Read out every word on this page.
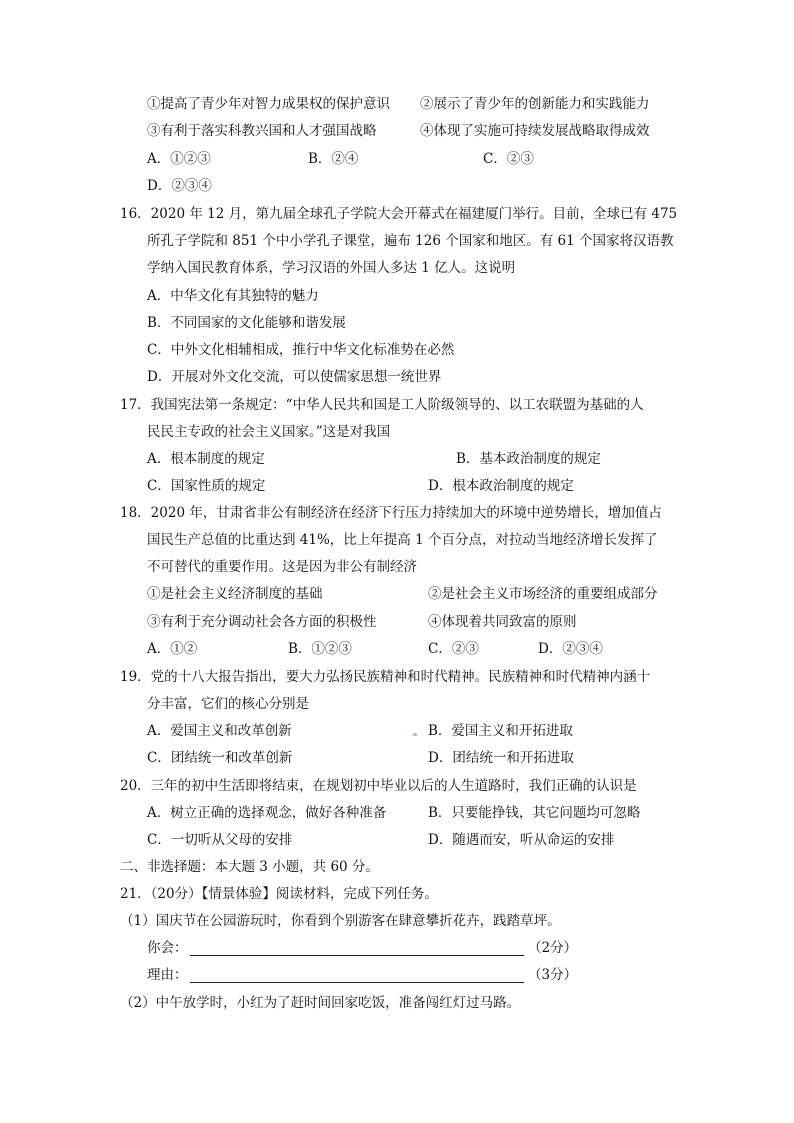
①提高了青少年对智力成果权的保护意识 ②展示了青少年的创新能力和实践能力
③有利于落实科教兴国和人才强国战略	④体现了实施可持续发展战略取得成效
A．①②③	B．②④	C．②③
D．②③④
16．2020 年 12 月，第九届全球孔子学院大会开幕式在福建厦门举行。目前，全球已有 475
所孔子学院和 851 个中小学孔子课堂，遍布 126 个国家和地区。有 61 个国家将汉语教
学纳入国民教育体系，学习汉语的外国人多达 1 亿人。这说明
A．中华文化有其独特的魅力
B．不同国家的文化能够和谐发展
C．中外文化相辅相成，推行中华文化标准势在必然
D．开展对外文化交流，可以使儒家思想一统世界
17．我国宪法第一条规定：“中华人民共和国是工人阶级领导的、以工农联盟为基础的人
民民主专政的社会主义国家。”这是对我国
A．根本制度的规定	B．基本政治制度的规定
C．国家性质的规定	D．根本政治制度的规定
18．2020 年，甘肃省非公有制经济在经济下行压力持续加大的环境中逆势增长，增加值占
国民生产总值的比重达到 41%，比上年提高 1 个百分点，对拉动当地经济增长发挥了
不可替代的重要作用。这是因为非公有制经济
①是社会主义经济制度的基础	②是社会主义市场经济的重要组成部分
③有利于充分调动社会各方面的积极性	④体现着共同致富的原则
A．①②	B．①②③	C．②③	D．②③④
19．党的十八大报告指出，要大力弘扬民族精神和时代精神。民族精神和时代精神内涵十
分丰富，它们的核心分别是
A．爱国主义和改革创新	B．爱国主义和开拓进取
C．团结统一和改革创新	D．团结统一和开拓进取
20．三年的初中生活即将结束，在规划初中毕业以后的人生道路时，我们正确的认识是
A．树立正确的选择观念，做好各种准备	B．只要能挣钱，其它问题均可忽略
C．一切听从父母的安排	D．随遇而安，听从命运的安排
二、非选择题：本大题 3 小题，共 60 分。
21．（20分）【情景体验】阅读材料，完成下列任务。
（1）国庆节在公园游玩时，你看到个别游客在肆意攀折花卉，践踏草坪。
你会：	（2分）
理由：	（3分）
（2）中午放学时，小红为了赶时间回家吃饭，准备闯红灯过马路。
